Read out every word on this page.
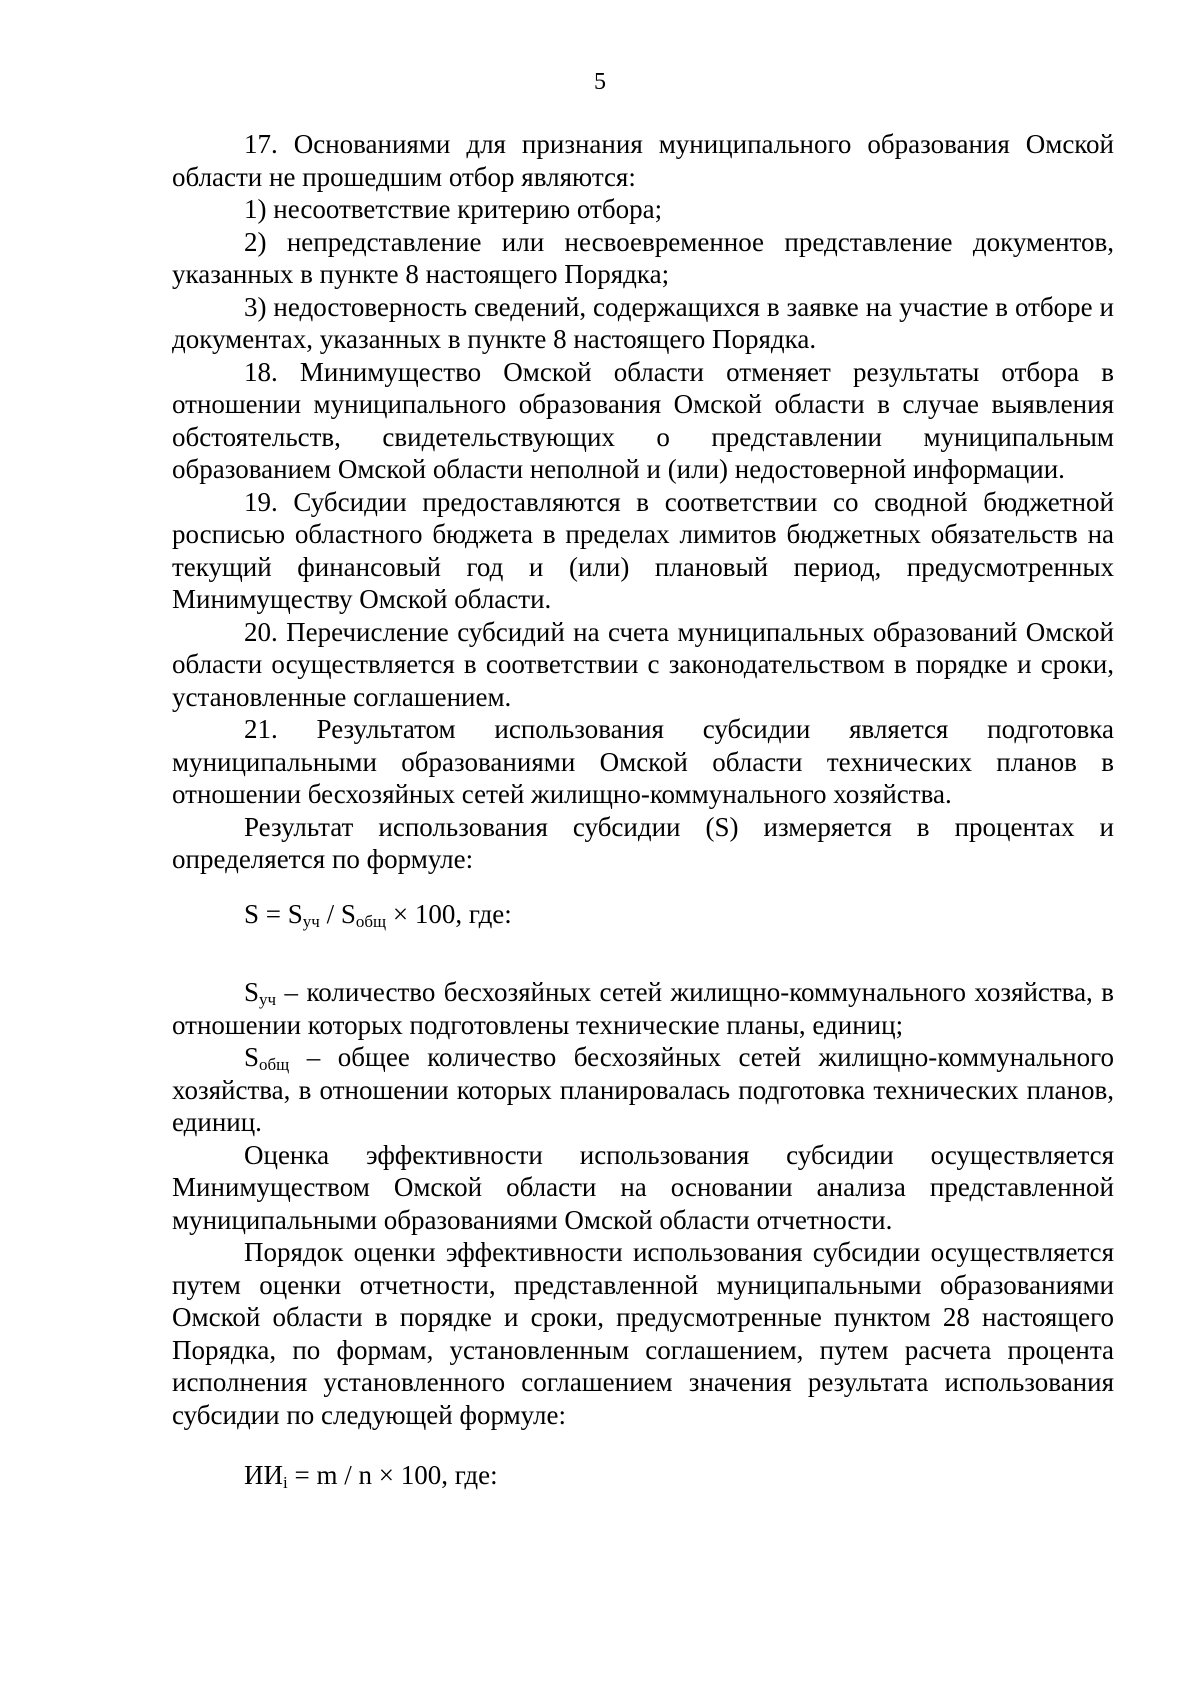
5

17. Основаниями для признания муниципального образования Омской области не прошедшим отбор являются:

1) несоответствие критерию отбора;

2) непредставление или несвоевременное представление документов, указанных в пункте 8 настоящего Порядка;

3) недостоверность сведений, содержащихся в заявке на участие в отборе и документах, указанных в пункте 8 настоящего Порядка.

18. Минимущество Омской области отменяет результаты отбора в отношении муниципального образования Омской области в случае выявления обстоятельств, свидетельствующих о представлении муниципальным образованием Омской области неполной и (или) недостоверной информации.

19. Субсидии предоставляются в соответствии со сводной бюджетной росписью областного бюджета в пределах лимитов бюджетных обязательств на текущий финансовый год и (или) плановый период, предусмотренных Минимуществу Омской области.

20. Перечисление субсидий на счета муниципальных образований Омской области осуществляется в соответствии с законодательством в порядке и сроки, установленные соглашением.

21. Результатом использования субсидии является подготовка муниципальными образованиями Омской области технических планов в отношении бесхозяйных сетей жилищно-коммунального хозяйства.

Результат использования субсидии (S) измеряется в процентах и определяется по формуле:

$S = S_{уч} / S_{общ} \times 100$, где:

$S_{уч}$ – количество бесхозяйных сетей жилищно-коммунального хозяйства, в отношении которых подготовлены технические планы, единиц;

$S_{общ}$ – общее количество бесхозяйных сетей жилищно-коммунального хозяйства, в отношении которых планировалась подготовка технических планов, единиц.

Оценка эффективности использования субсидии осуществляется Минимуществом Омской области на основании анализа представленной муниципальными образованиями Омской области отчетности.

Порядок оценки эффективности использования субсидии осуществляется путем оценки отчетности, представленной муниципальными образованиями Омской области в порядке и сроки, предусмотренные пунктом 28 настоящего Порядка, по формам, установленным соглашением, путем расчета процента исполнения установленного соглашением значения результата использования субсидии по следующей формуле:

$ИИ_i = m / n \times 100$, где:
